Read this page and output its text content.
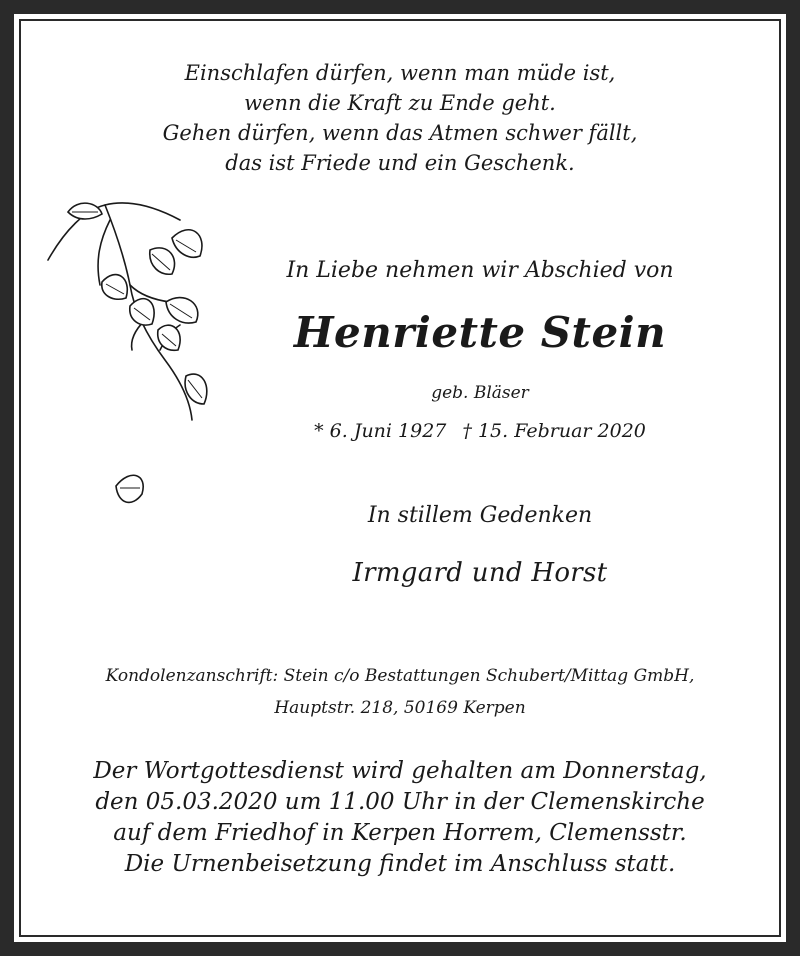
Einschlafen dürfen, wenn man müde ist,
wenn die Kraft zu Ende geht.
Gehen dürfen, wenn das Atmen schwer fällt,
das ist Friede und ein Geschenk.
In Liebe nehmen wir Abschied von
Henriette Stein
geb. Bläser
* 6. Juni 1927 † 15. Februar 2020
In stillem Gedenken
Irmgard und Horst
Kondolenzanschrift: Stein c/o Bestattungen Schubert/Mittag GmbH,
Hauptstr. 218, 50169 Kerpen
Der Wortgottesdienst wird gehalten am Donnerstag,
den 05.03.2020 um 11.00 Uhr in der Clemenskirche
auf dem Friedhof in Kerpen Horrem, Clemensstr.
Die Urnenbeisetzung findet im Anschluss statt.
